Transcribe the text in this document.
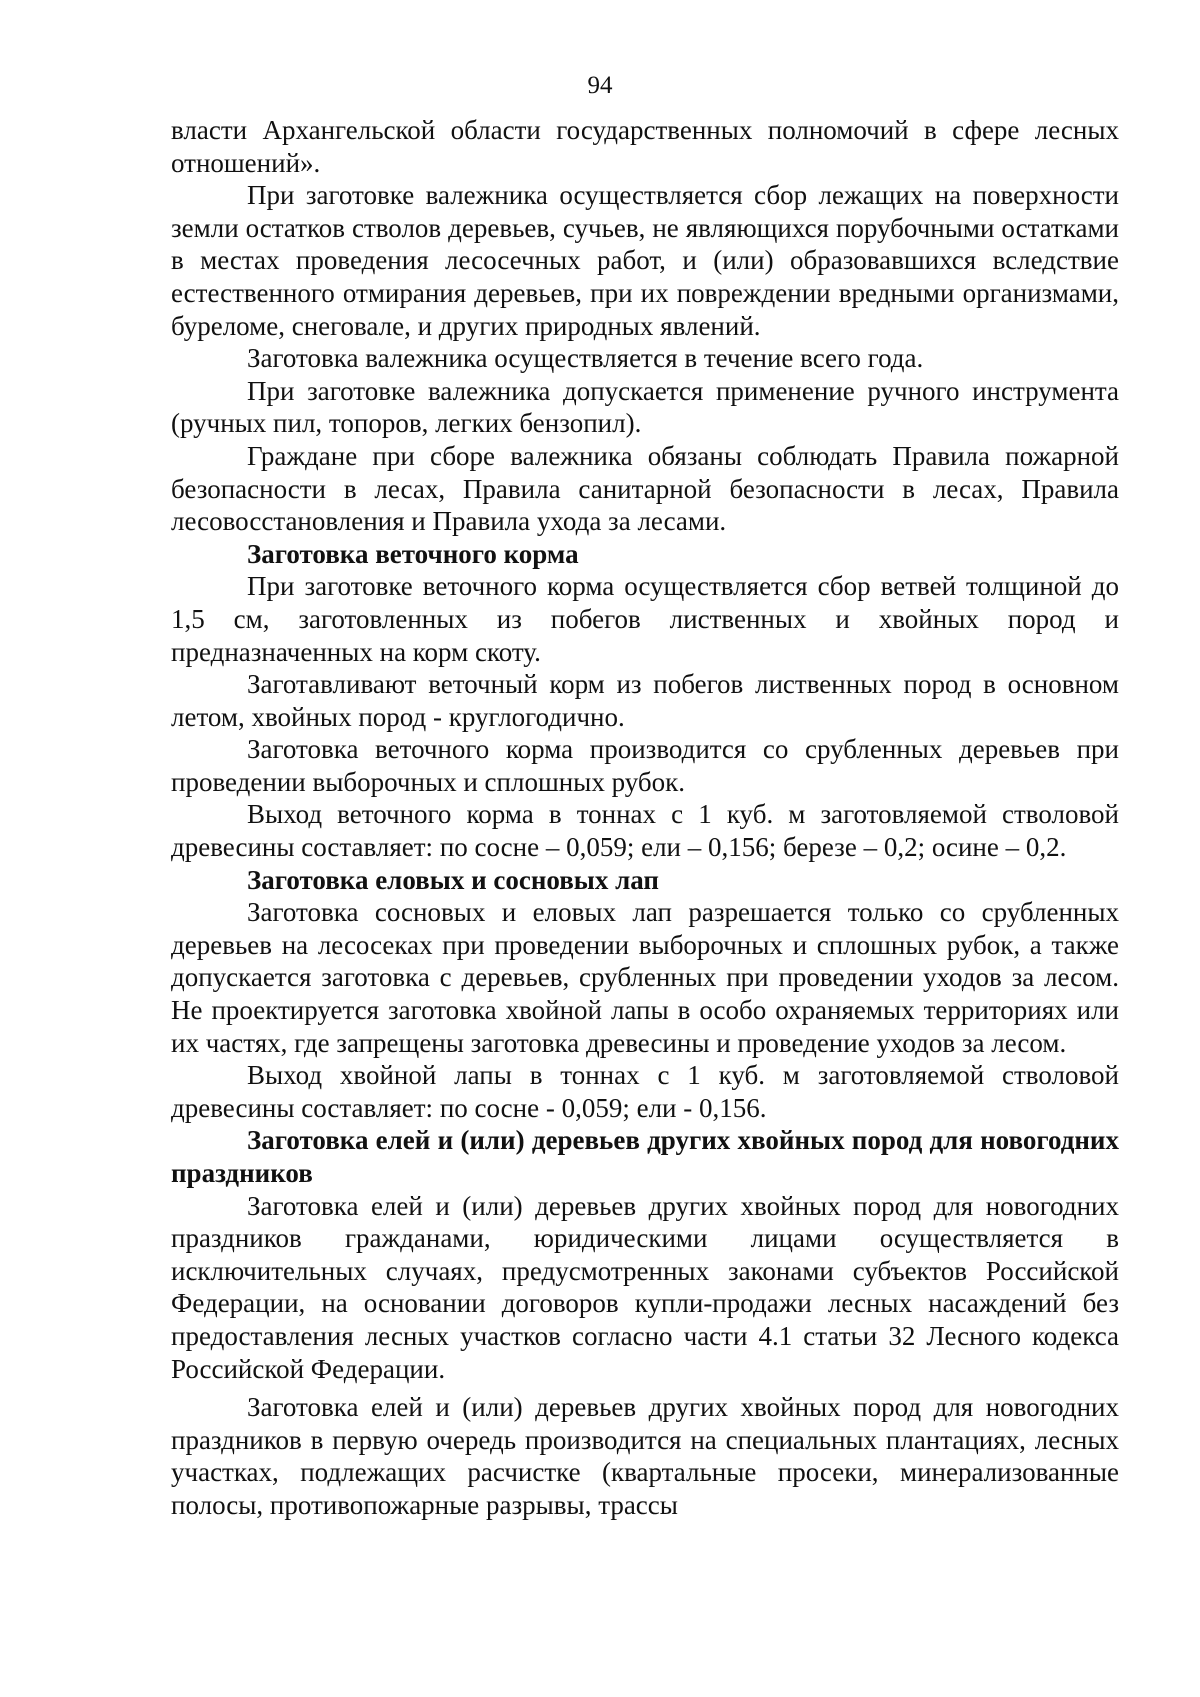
94

власти Архангельской области государственных полномочий в сфере лесных отношений».

При заготовке валежника осуществляется сбор лежащих на поверхности земли остатков стволов деревьев, сучьев, не являющихся порубочными остатками в местах проведения лесосечных работ, и (или) образовавшихся вследствие естественного отмирания деревьев, при их повреждении вредными организмами, буреломе, снеговале, и других природных явлений.

Заготовка валежника осуществляется в течение всего года.

При заготовке валежника допускается применение ручного инструмента (ручных пил, топоров, легких бензопил).

Граждане при сборе валежника обязаны соблюдать Правила пожарной безопасности в лесах, Правила санитарной безопасности в лесах, Правила лесовосстановления и Правила ухода за лесами.

Заготовка веточного корма

При заготовке веточного корма осуществляется сбор ветвей толщиной до 1,5 см, заготовленных из побегов лиственных и хвойных пород и предназначенных на корм скоту.

Заготавливают веточный корм из побегов лиственных пород в основном летом, хвойных пород - круглогодично.

Заготовка веточного корма производится со срубленных деревьев при проведении выборочных и сплошных рубок.

Выход веточного корма в тоннах с 1 куб. м заготовляемой стволовой древесины составляет: по сосне – 0,059; ели – 0,156; березе – 0,2; осине – 0,2.

Заготовка еловых и сосновых лап

Заготовка сосновых и еловых лап разрешается только со срубленных деревьев на лесосеках при проведении выборочных и сплошных рубок, а также допускается заготовка с деревьев, срубленных при проведении уходов за лесом. Не проектируется заготовка хвойной лапы в особо охраняемых территориях или их частях, где запрещены заготовка древесины и проведение уходов за лесом.

Выход хвойной лапы в тоннах с 1 куб. м заготовляемой стволовой древесины составляет: по сосне - 0,059; ели - 0,156.

Заготовка елей и (или) деревьев других хвойных пород для новогодних праздников

Заготовка елей и (или) деревьев других хвойных пород для новогодних праздников гражданами, юридическими лицами осуществляется в исключительных случаях, предусмотренных законами субъектов Российской Федерации, на основании договоров купли-продажи лесных насаждений без предоставления лесных участков согласно части 4.1 статьи 32 Лесного кодекса Российской Федерации.

Заготовка елей и (или) деревьев других хвойных пород для новогодних праздников в первую очередь производится на специальных плантациях, лесных участках, подлежащих расчистке (квартальные просеки, минерализованные полосы, противопожарные разрывы, трассы
